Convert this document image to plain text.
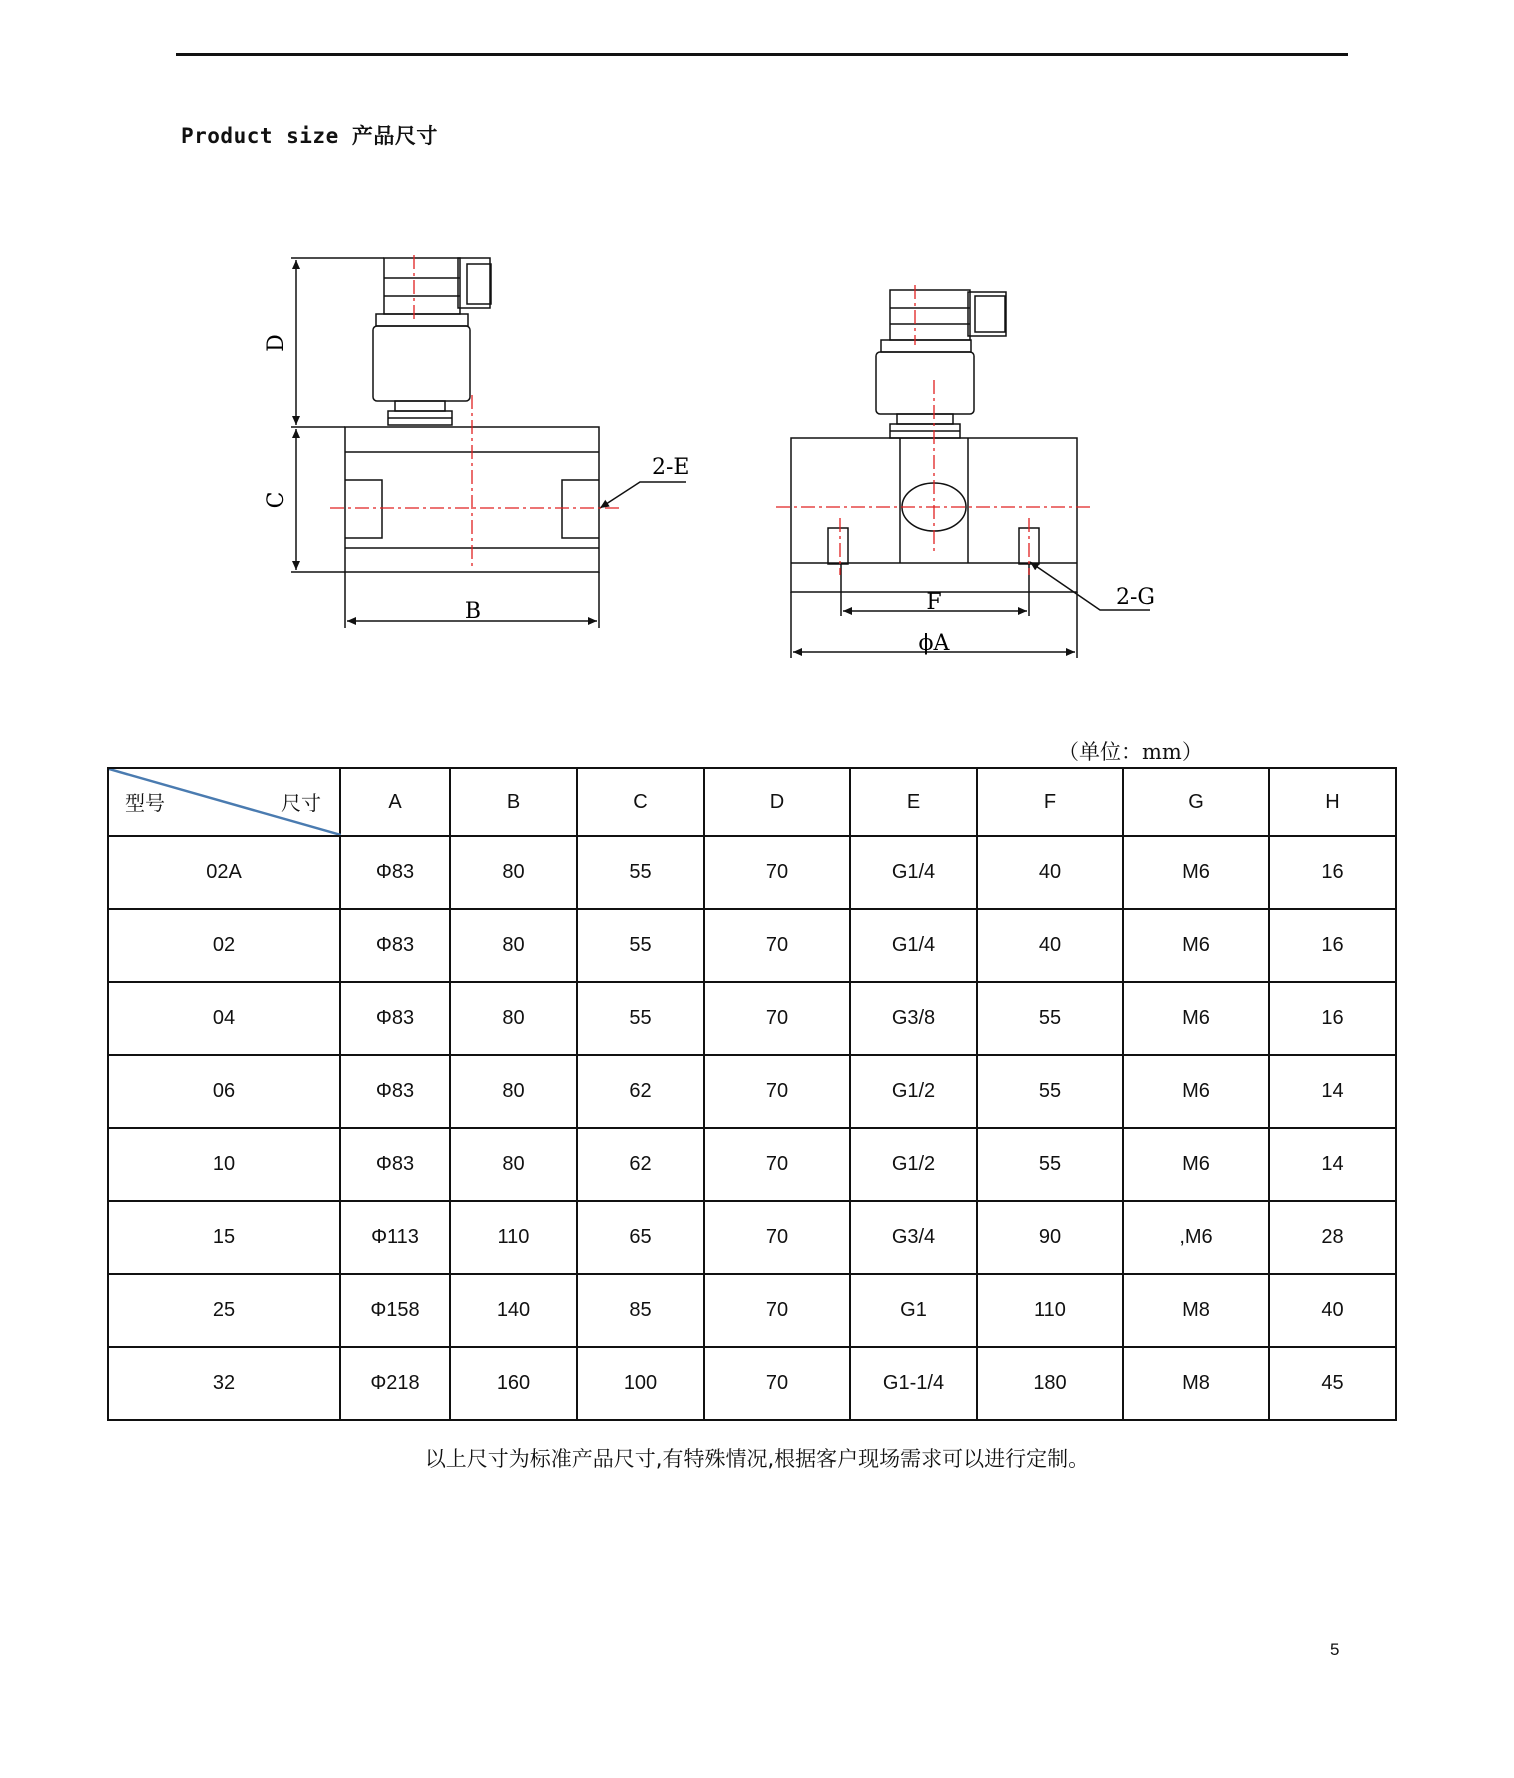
Product size 产品尺寸
D
C
B
2-E
F
ϕA
2-G
（单位：mm）
型号 尺寸	A	B	C	D	E	F	G	H
02A	Φ83	80	55	70	G1/4	40	M6	16
02	Φ83	80	55	70	G1/4	40	M6	16
04	Φ83	80	55	70	G3/8	55	M6	16
06	Φ83	80	62	70	G1/2	55	M6	14
10	Φ83	80	62	70	G1/2	55	M6	14
15	Φ113	110	65	70	G3/4	90	,M6	28
25	Φ158	140	85	70	G1	110	M8	40
32	Φ218	160	100	70	G1-1/4	180	M8	45
以上尺寸为标准产品尺寸,有特殊情况,根据客户现场需求可以进行定制。
5
